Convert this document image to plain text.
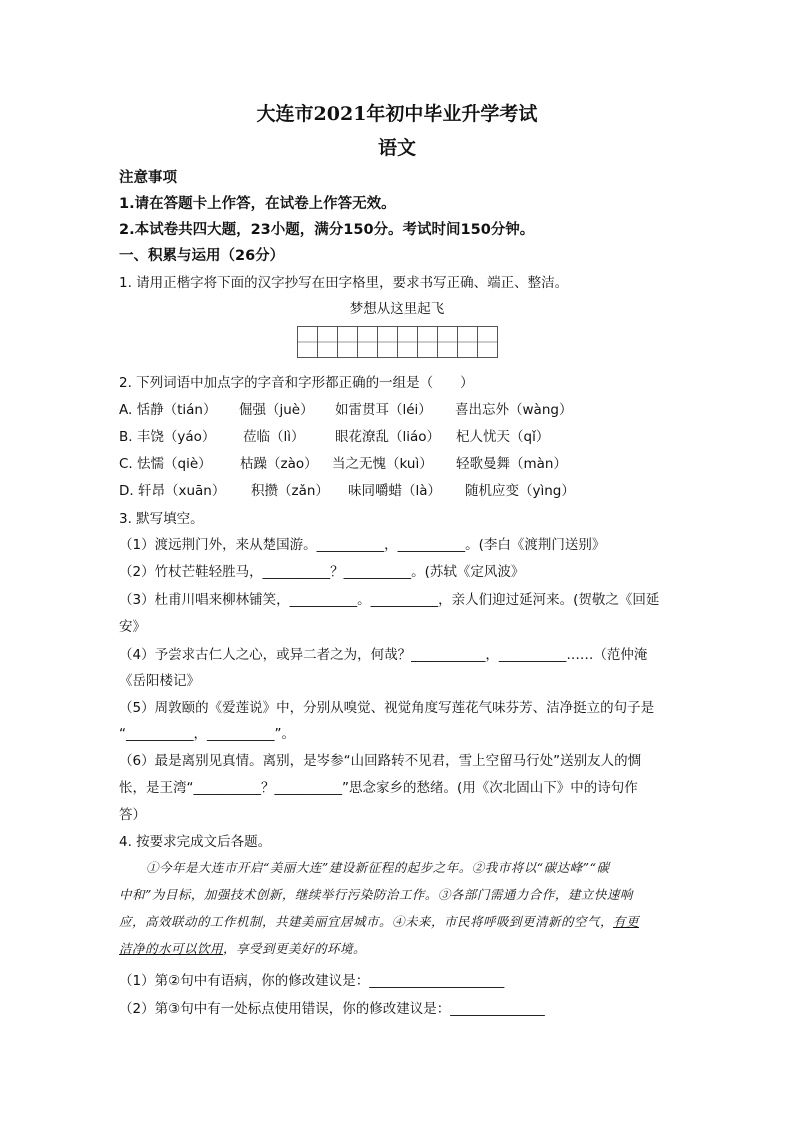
大连市2021年初中毕业升学考试
语文
注意事项
1.请在答题卡上作答，在试卷上作答无效。
2.本试卷共四大题，23小题，满分150分。考试时间150分钟。
一、积累与运用（26分）
1. 请用正楷字将下面的汉字抄写在田字格里，要求书写正确、端正、整洁。
梦想从这里起飞
2. 下列词语中加点字的字音和字形都正确的一组是（　　）
A. 恬静（tián） 倔强（juè） 如雷贯耳（léi） 喜出忘外（wàng）
B. 丰饶（yáo） 莅临（lì） 眼花潦乱（liáo） 杞人忧天（qǐ）
C. 怯懦（qiè） 枯躁（zào） 当之无愧（kuì） 轻歌曼舞（màn）
D. 轩昂（xuān） 积攒（zǎn） 味同嚼蜡（là） 随机应变（yìng）
3. 默写填空。
（1）渡远荆门外，来从楚国游。__________，__________。(李白《渡荆门送别》
（2）竹杖芒鞋轻胜马，__________？__________。(苏轼《定风波》
（3）杜甫川唱来柳林铺笑，__________。__________，亲人们迎过延河来。(贺敬之《回延
安》
（4）予尝求古仁人之心，或异二者之为，何哉？___________，__________……（范仲淹
《岳阳楼记》
（5）周敦颐的《爱莲说》中，分别从嗅觉、视觉角度写莲花气味芬芳、洁净挺立的句子是
“__________，__________”。
（6）最是离别见真情。离别，是岑参“山回路转不见君，雪上空留马行处”送别友人的惆
怅，是王湾“__________？__________”思念家乡的愁绪。(用《次北固山下》中的诗句作
答）
4. 按要求完成文后各题。
①今年是大连市开启“美丽大连”建设新征程的起步之年。②我市将以“碳达峰”“碳
中和”为目标，加强技术创新，继续举行污染防治工作。③各部门需通力合作，建立快速响
应，高效联动的工作机制，共建美丽宜居城市。④未来，市民将呼吸到更清新的空气，有更
洁净的水可以饮用，享受到更美好的环境。
（1）第②句中有语病，你的修改建议是：____________________
（2）第③句中有一处标点使用错误，你的修改建议是：______________
